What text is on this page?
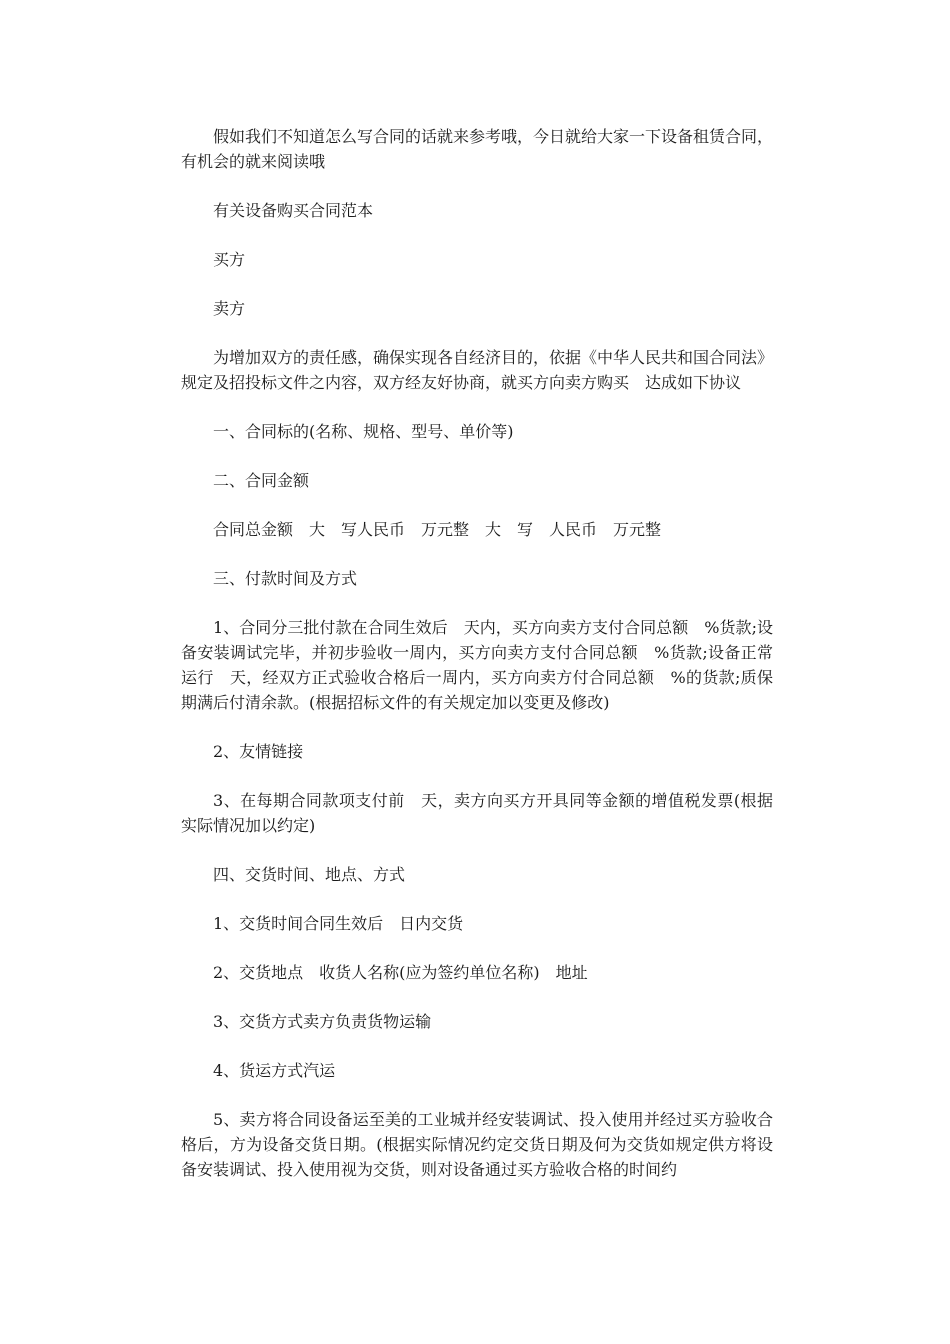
假如我们不知道怎么写合同的话就来参考哦，今日就给大家一下设备租赁合同，有机会的就来阅读哦

有关设备购买合同范本

买方

卖方

为增加双方的责任感，确保实现各自经济目的，依据《中华人民共和国合同法》规定及招投标文件之内容，双方经友好协商，就买方向卖方购买　达成如下协议

一、合同标的(名称、规格、型号、单价等)

二、合同金额

合同总金额　大　写人民币　万元整　大　写　人民币　万元整

三、付款时间及方式

1、合同分三批付款在合同生效后　天内，买方向卖方支付合同总额　%货款;设备安装调试完毕，并初步验收一周内，买方向卖方支付合同总额　%货款;设备正常运行　天，经双方正式验收合格后一周内，买方向卖方付合同总额　%的货款;质保期满后付清余款。(根据招标文件的有关规定加以变更及修改)

2、友情链接

3、在每期合同款项支付前　天，卖方向买方开具同等金额的增值税发票(根据实际情况加以约定)

四、交货时间、地点、方式

1、交货时间合同生效后　日内交货

2、交货地点　收货人名称(应为签约单位名称)　地址

3、交货方式卖方负责货物运输

4、货运方式汽运

5、卖方将合同设备运至美的工业城并经安装调试、投入使用并经过买方验收合格后，方为设备交货日期。(根据实际情况约定交货日期及何为交货如规定供方将设备安装调试、投入使用视为交货，则对设备通过买方验收合格的时间约
